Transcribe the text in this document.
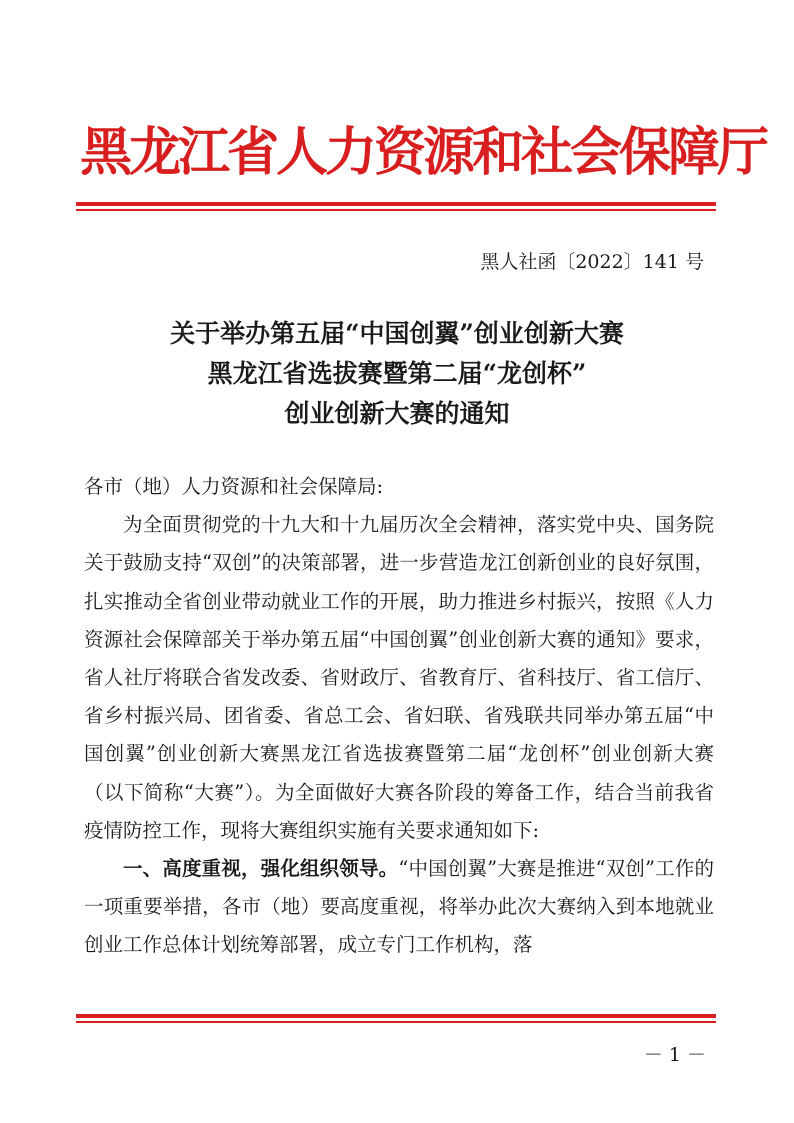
黑龙江省人力资源和社会保障厅
黑人社函〔2022〕141 号
关于举办第五届“中国创翼”创业创新大赛
黑龙江省选拔赛暨第二届“龙创杯”
创业创新大赛的通知

各市（地）人力资源和社会保障局:

为全面贯彻党的十九大和十九届历次全会精神，落实党中央、国务院关于鼓励支持“双创”的决策部署，进一步营造龙江创新创业的良好氛围，扎实推动全省创业带动就业工作的开展，助力推进乡村振兴，按照《人力资源社会保障部关于举办第五届“中国创翼”创业创新大赛的通知》要求，省人社厅将联合省发改委、省财政厅、省教育厅、省科技厅、省工信厅、省乡村振兴局、团省委、省总工会、省妇联、省残联共同举办第五届“中国创翼”创业创新大赛黑龙江省选拔赛暨第二届“龙创杯”创业创新大赛（以下简称“大赛”）。为全面做好大赛各阶段的筹备工作，结合当前我省疫情防控工作，现将大赛组织实施有关要求通知如下:

一、高度重视，强化组织领导。“中国创翼”大赛是推进“双创”工作的一项重要举措，各市（地）要高度重视，将举办此次大赛纳入到本地就业创业工作总体计划统筹部署，成立专门工作机构，落

－ 1 －
